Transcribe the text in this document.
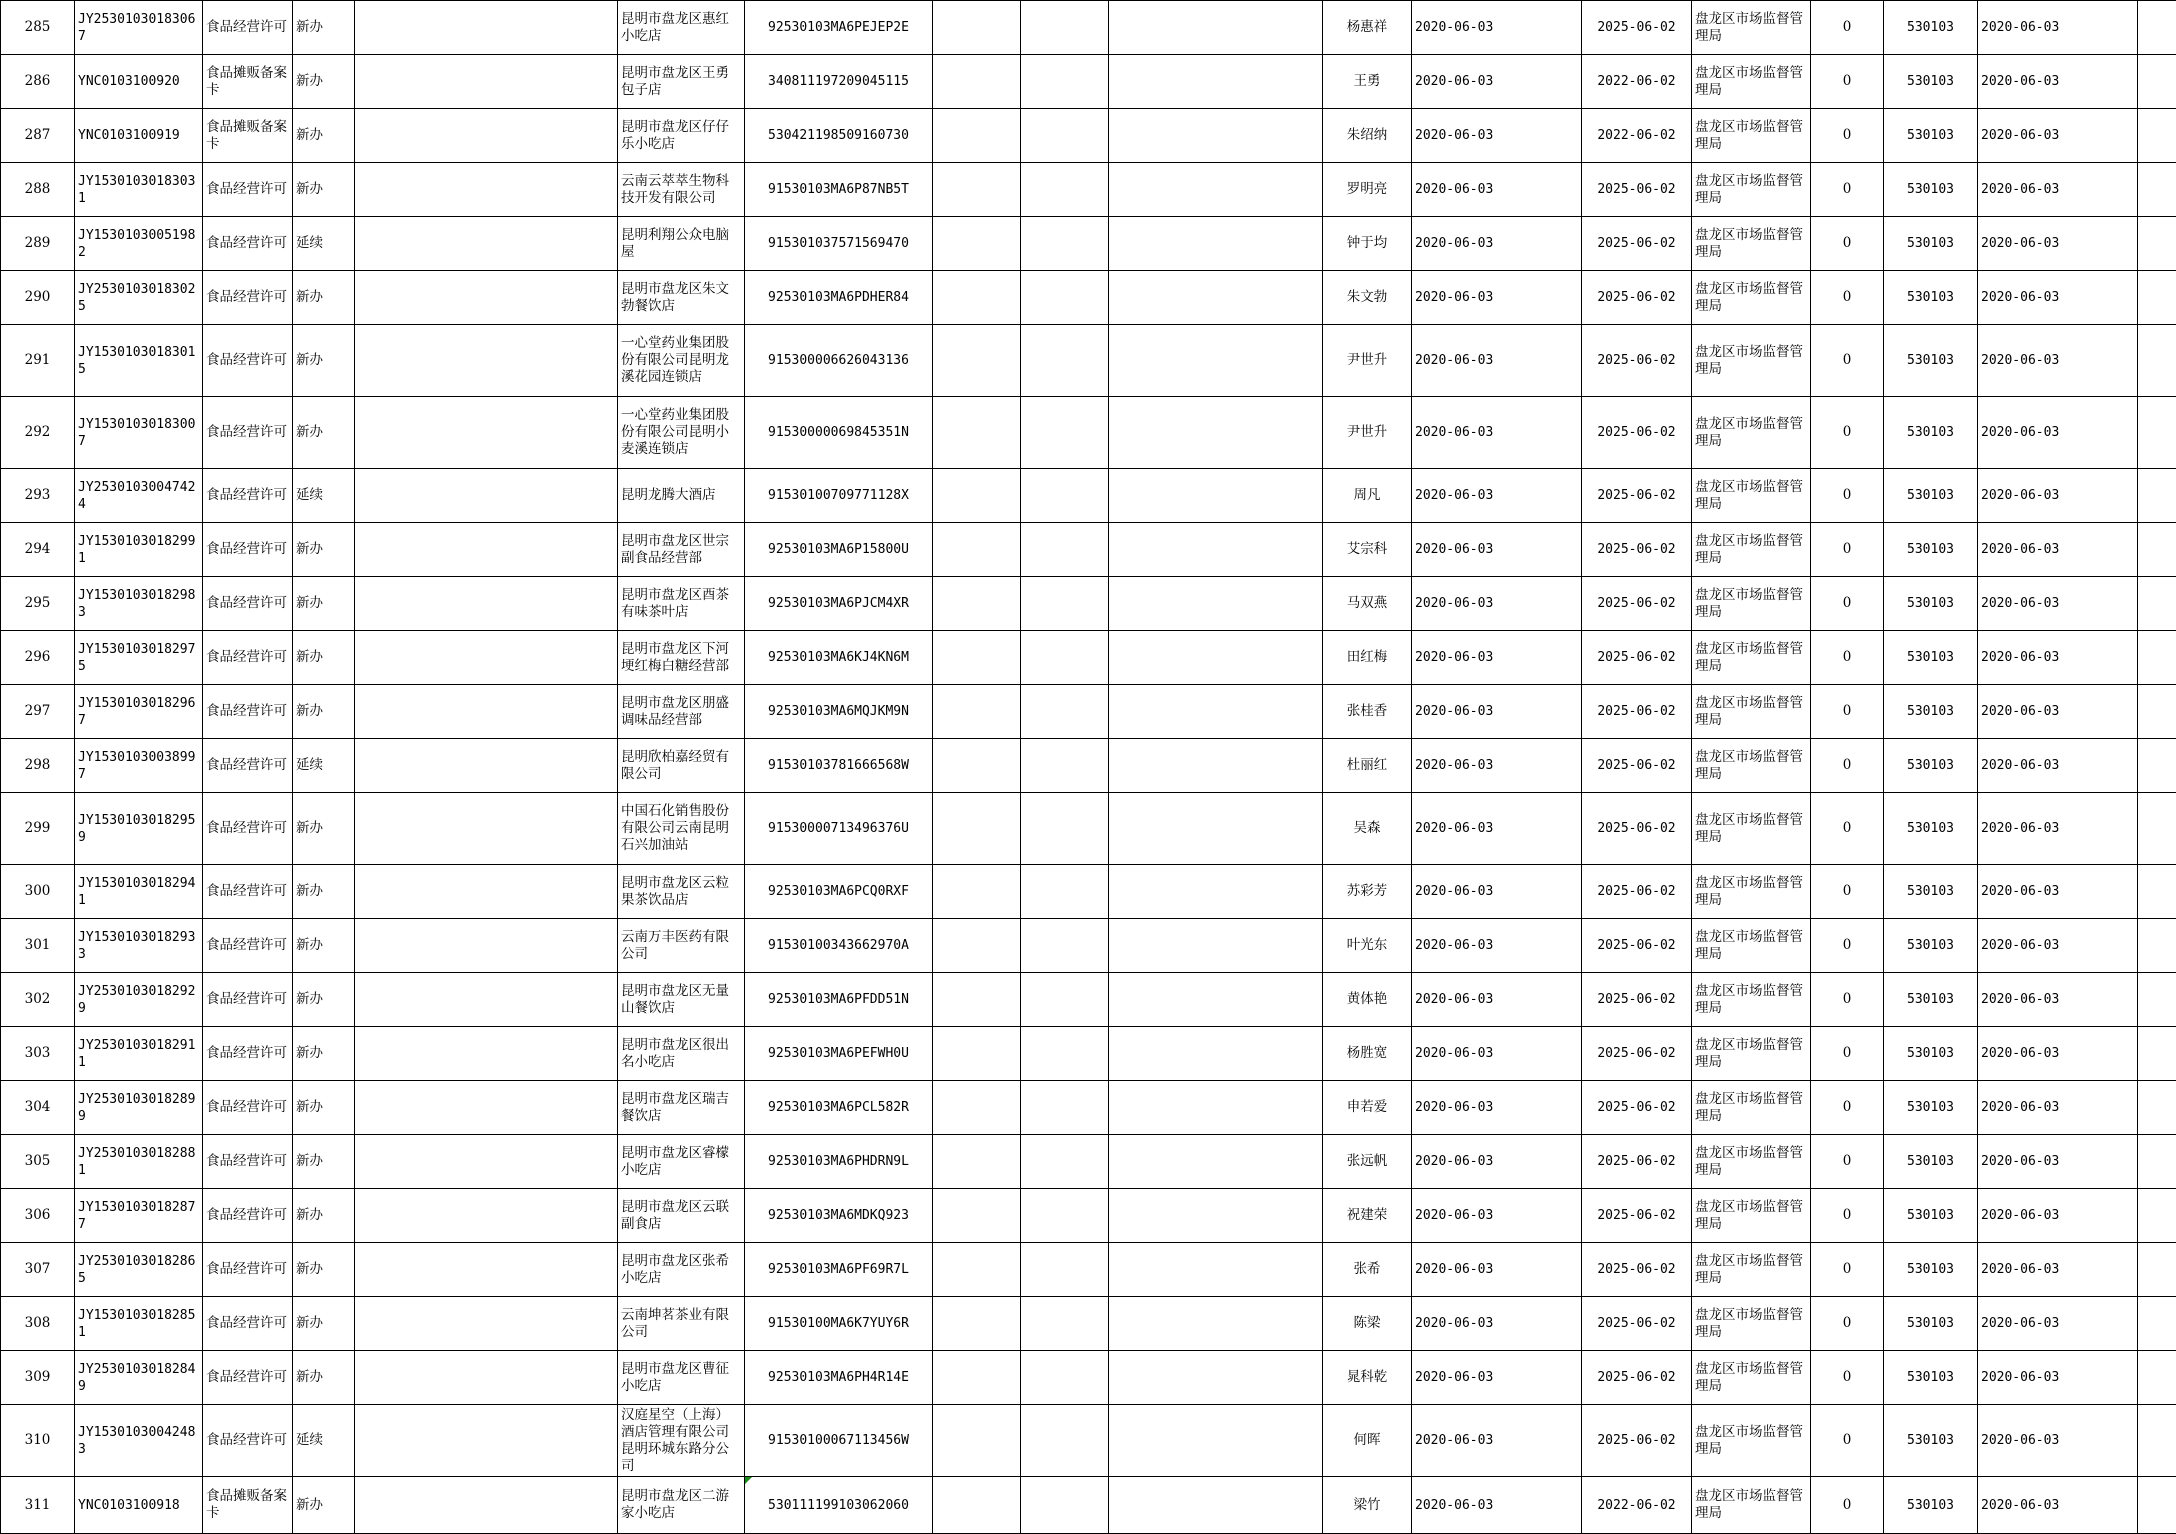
285	JY25301030183067	食品经营许可	新办		昆明市盘龙区惠红小吃店	92530103MA6PEJEP2E				杨惠祥	2020-06-03	2025-06-02	盘龙区市场监督管理局	0	530103	2020-06-03	
286	YNC0103100920	食品摊贩备案卡	新办		昆明市盘龙区王勇包子店	340811197209045115				王勇	2020-06-03	2022-06-02	盘龙区市场监督管理局	0	530103	2020-06-03	
287	YNC0103100919	食品摊贩备案卡	新办		昆明市盘龙区仔仔乐小吃店	530421198509160730				朱绍纳	2020-06-03	2022-06-02	盘龙区市场监督管理局	0	530103	2020-06-03	
288	JY15301030183031	食品经营许可	新办		云南云萃萃生物科技开发有限公司	91530103MA6P87NB5T				罗明亮	2020-06-03	2025-06-02	盘龙区市场监督管理局	0	530103	2020-06-03	
289	JY15301030051982	食品经营许可	延续		昆明利翔公众电脑屋	915301037571569470				钟于均	2020-06-03	2025-06-02	盘龙区市场监督管理局	0	530103	2020-06-03	
290	JY25301030183025	食品经营许可	新办		昆明市盘龙区朱文勃餐饮店	92530103MA6PDHER84				朱文勃	2020-06-03	2025-06-02	盘龙区市场监督管理局	0	530103	2020-06-03	
291	JY15301030183015	食品经营许可	新办		一心堂药业集团股份有限公司昆明龙溪花园连锁店	915300006626043136				尹世升	2020-06-03	2025-06-02	盘龙区市场监督管理局	0	530103	2020-06-03	
292	JY15301030183007	食品经营许可	新办		一心堂药业集团股份有限公司昆明小麦溪连锁店	91530000069845351N				尹世升	2020-06-03	2025-06-02	盘龙区市场监督管理局	0	530103	2020-06-03	
293	JY25301030047424	食品经营许可	延续		昆明龙腾大酒店	91530100709771128X				周凡	2020-06-03	2025-06-02	盘龙区市场监督管理局	0	530103	2020-06-03	
294	JY15301030182991	食品经营许可	新办		昆明市盘龙区世宗副食品经营部	92530103MA6P15800U				艾宗科	2020-06-03	2025-06-02	盘龙区市场监督管理局	0	530103	2020-06-03	
295	JY15301030182983	食品经营许可	新办		昆明市盘龙区酉茶有味茶叶店	92530103MA6PJCM4XR				马双燕	2020-06-03	2025-06-02	盘龙区市场监督管理局	0	530103	2020-06-03	
296	JY15301030182975	食品经营许可	新办		昆明市盘龙区下河埂红梅白糖经营部	92530103MA6KJ4KN6M				田红梅	2020-06-03	2025-06-02	盘龙区市场监督管理局	0	530103	2020-06-03	
297	JY15301030182967	食品经营许可	新办		昆明市盘龙区朋盛调味品经营部	92530103MA6MQJKM9N				张桂香	2020-06-03	2025-06-02	盘龙区市场监督管理局	0	530103	2020-06-03	
298	JY15301030038997	食品经营许可	延续		昆明欣柏嘉经贸有限公司	91530103781666568W				杜丽红	2020-06-03	2025-06-02	盘龙区市场监督管理局	0	530103	2020-06-03	
299	JY15301030182959	食品经营许可	新办		中国石化销售股份有限公司云南昆明石兴加油站	91530000713496376U				吴森	2020-06-03	2025-06-02	盘龙区市场监督管理局	0	530103	2020-06-03	
300	JY15301030182941	食品经营许可	新办		昆明市盘龙区云粒果茶饮品店	92530103MA6PCQ0RXF				苏彩芳	2020-06-03	2025-06-02	盘龙区市场监督管理局	0	530103	2020-06-03	
301	JY15301030182933	食品经营许可	新办		云南万丰医药有限公司	91530100343662970A				叶光东	2020-06-03	2025-06-02	盘龙区市场监督管理局	0	530103	2020-06-03	
302	JY25301030182929	食品经营许可	新办		昆明市盘龙区无量山餐饮店	92530103MA6PFDD51N				黄体艳	2020-06-03	2025-06-02	盘龙区市场监督管理局	0	530103	2020-06-03	
303	JY25301030182911	食品经营许可	新办		昆明市盘龙区很出名小吃店	92530103MA6PEFWH0U				杨胜宽	2020-06-03	2025-06-02	盘龙区市场监督管理局	0	530103	2020-06-03	
304	JY25301030182899	食品经营许可	新办		昆明市盘龙区瑞吉餐饮店	92530103MA6PCL582R				申若爱	2020-06-03	2025-06-02	盘龙区市场监督管理局	0	530103	2020-06-03	
305	JY25301030182881	食品经营许可	新办		昆明市盘龙区睿檬小吃店	92530103MA6PHDRN9L				张远帆	2020-06-03	2025-06-02	盘龙区市场监督管理局	0	530103	2020-06-03	
306	JY15301030182877	食品经营许可	新办		昆明市盘龙区云联副食店	92530103MA6MDKQ923				祝建荣	2020-06-03	2025-06-02	盘龙区市场监督管理局	0	530103	2020-06-03	
307	JY25301030182865	食品经营许可	新办		昆明市盘龙区张希小吃店	92530103MA6PF69R7L				张希	2020-06-03	2025-06-02	盘龙区市场监督管理局	0	530103	2020-06-03	
308	JY15301030182851	食品经营许可	新办		云南坤茗茶业有限公司	91530100MA6K7YUY6R				陈梁	2020-06-03	2025-06-02	盘龙区市场监督管理局	0	530103	2020-06-03	
309	JY25301030182849	食品经营许可	新办		昆明市盘龙区曹征小吃店	92530103MA6PH4R14E				晁科乾	2020-06-03	2025-06-02	盘龙区市场监督管理局	0	530103	2020-06-03	
310	JY15301030042483	食品经营许可	延续		汉庭星空（上海）酒店管理有限公司昆明环城东路分公司	91530100067113456W				何晖	2020-06-03	2025-06-02	盘龙区市场监督管理局	0	530103	2020-06-03	
311	YNC0103100918	食品摊贩备案卡	新办		昆明市盘龙区二游家小吃店	530111199103062060				梁竹	2020-06-03	2022-06-02	盘龙区市场监督管理局	0	530103	2020-06-03	
